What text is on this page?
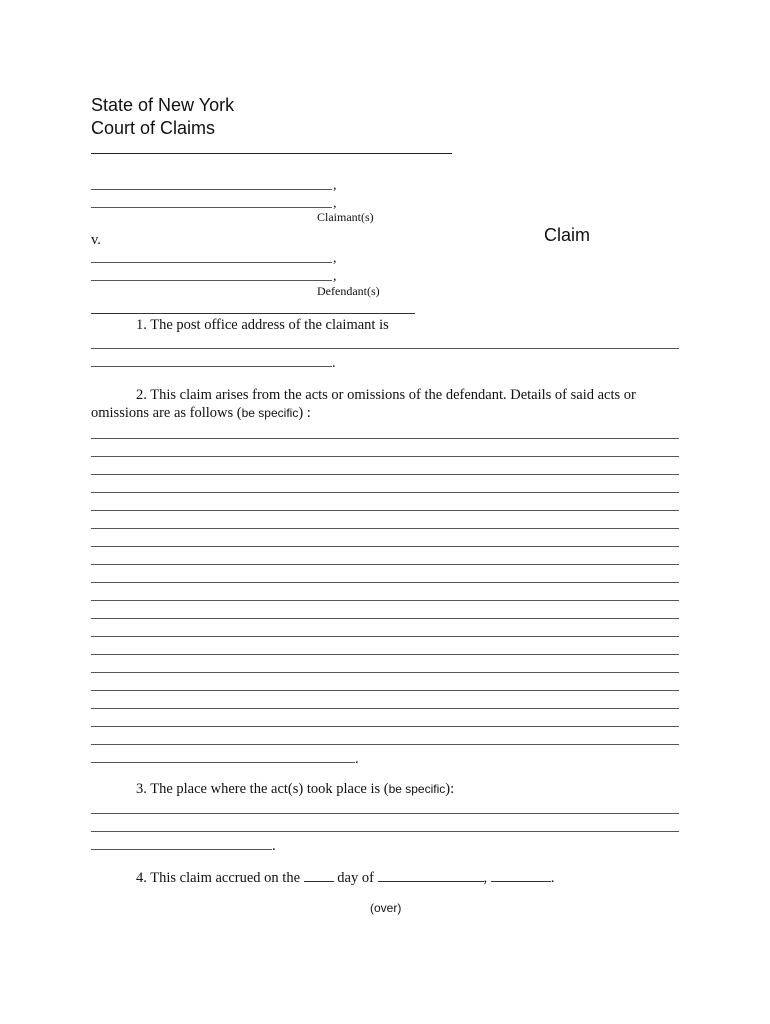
State of New York
Court of Claims
,
,
Claimant(s)
v.	Claim
,
,
Defendant(s)
1. The post office address of the claimant is
.
2. This claim arises from the acts or omissions of the defendant. Details of said acts or
omissions are as follows (be specific) :
.
3. The place where the act(s) took place is (be specific):
.
4. This claim accrued on the	day of	,	.
(over)
